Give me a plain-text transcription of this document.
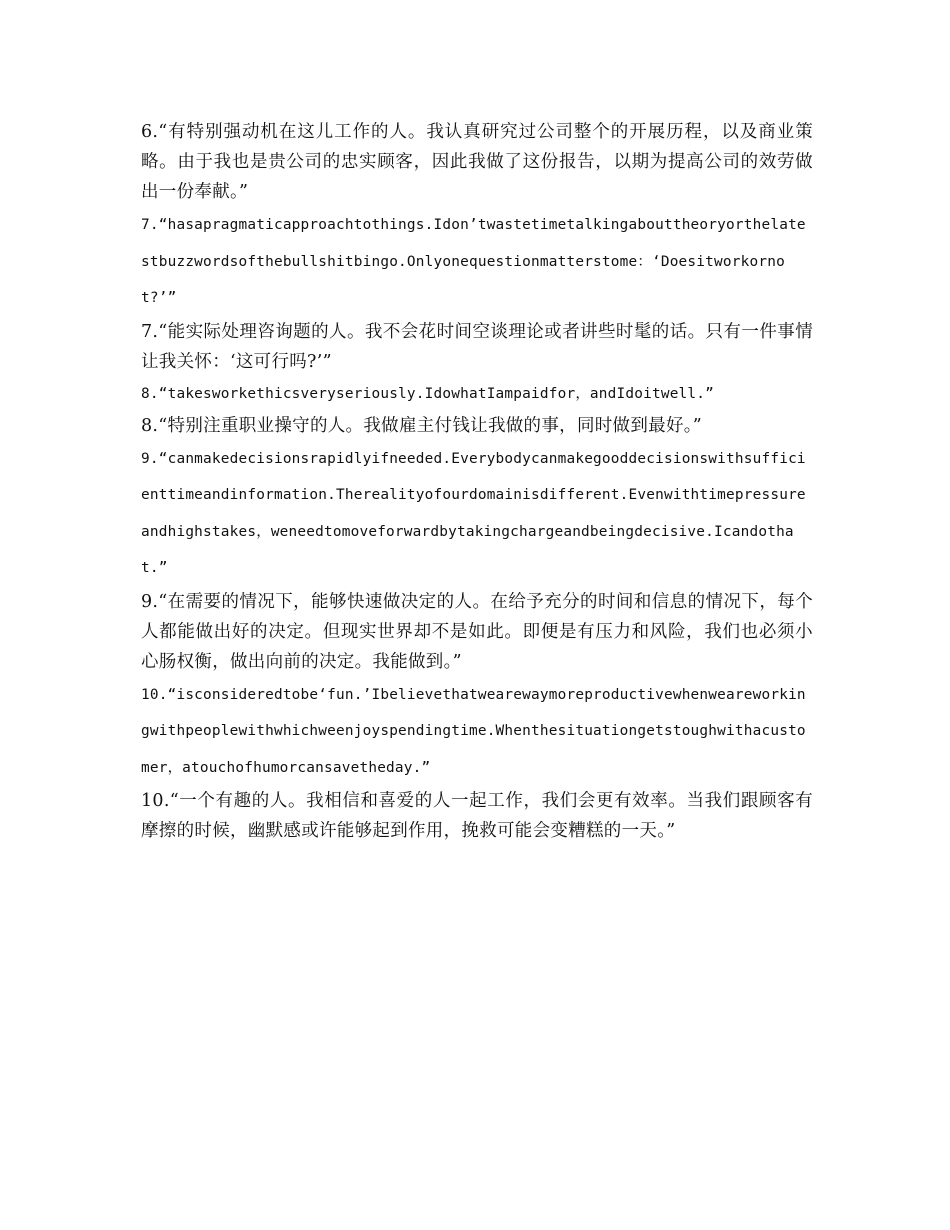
6.“有特别强动机在这儿工作的人。我认真研究过公司整个的开展历程，以及商业策略。由于我也是贵公司的忠实顾客，因此我做了这份报告，以期为提高公司的效劳做出一份奉献。”

7.“hasapragmaticapproachtothings.Idon’twastetimetalkingabouttheoryorthelatestbuzzwordsofthebullshitbingo.Onlyonequestionmatterstome：‘Doesitworkornot?’”

7.“能实际处理咨询题的人。我不会花时间空谈理论或者讲些时髦的话。只有一件事情让我关怀：‘这可行吗?’”

8.“takesworkethicsveryseriously.IdowhatIampaidfor，andIdoitwell.”

8.“特别注重职业操守的人。我做雇主付钱让我做的事，同时做到最好。”

9.“canmakedecisionsrapidlyifneeded.Everybodycanmakegooddecisionswithsufficienttimeandinformation.Therealityofourdomainisdifferent.Evenwithtimepressureandhighstakes，weneedtomoveforwardbytakingchargeandbeingdecisive.Icandothat.”

9.“在需要的情况下，能够快速做决定的人。在给予充分的时间和信息的情况下，每个人都能做出好的决定。但现实世界却不是如此。即便是有压力和风险，我们也必须小心肠权衡，做出向前的决定。我能做到。”

10.“isconsideredtobe‘fun.’Ibelievethatwearewaymoreproductivewhenweareworkingwithpeoplewithwhichweenjoyspendingtime.Whenthesituationgetstoughwithacustomer，atouchofhumorcansavetheday.”

10.“一个有趣的人。我相信和喜爱的人一起工作，我们会更有效率。当我们跟顾客有摩擦的时候，幽默感或许能够起到作用，挽救可能会变糟糕的一天。”
